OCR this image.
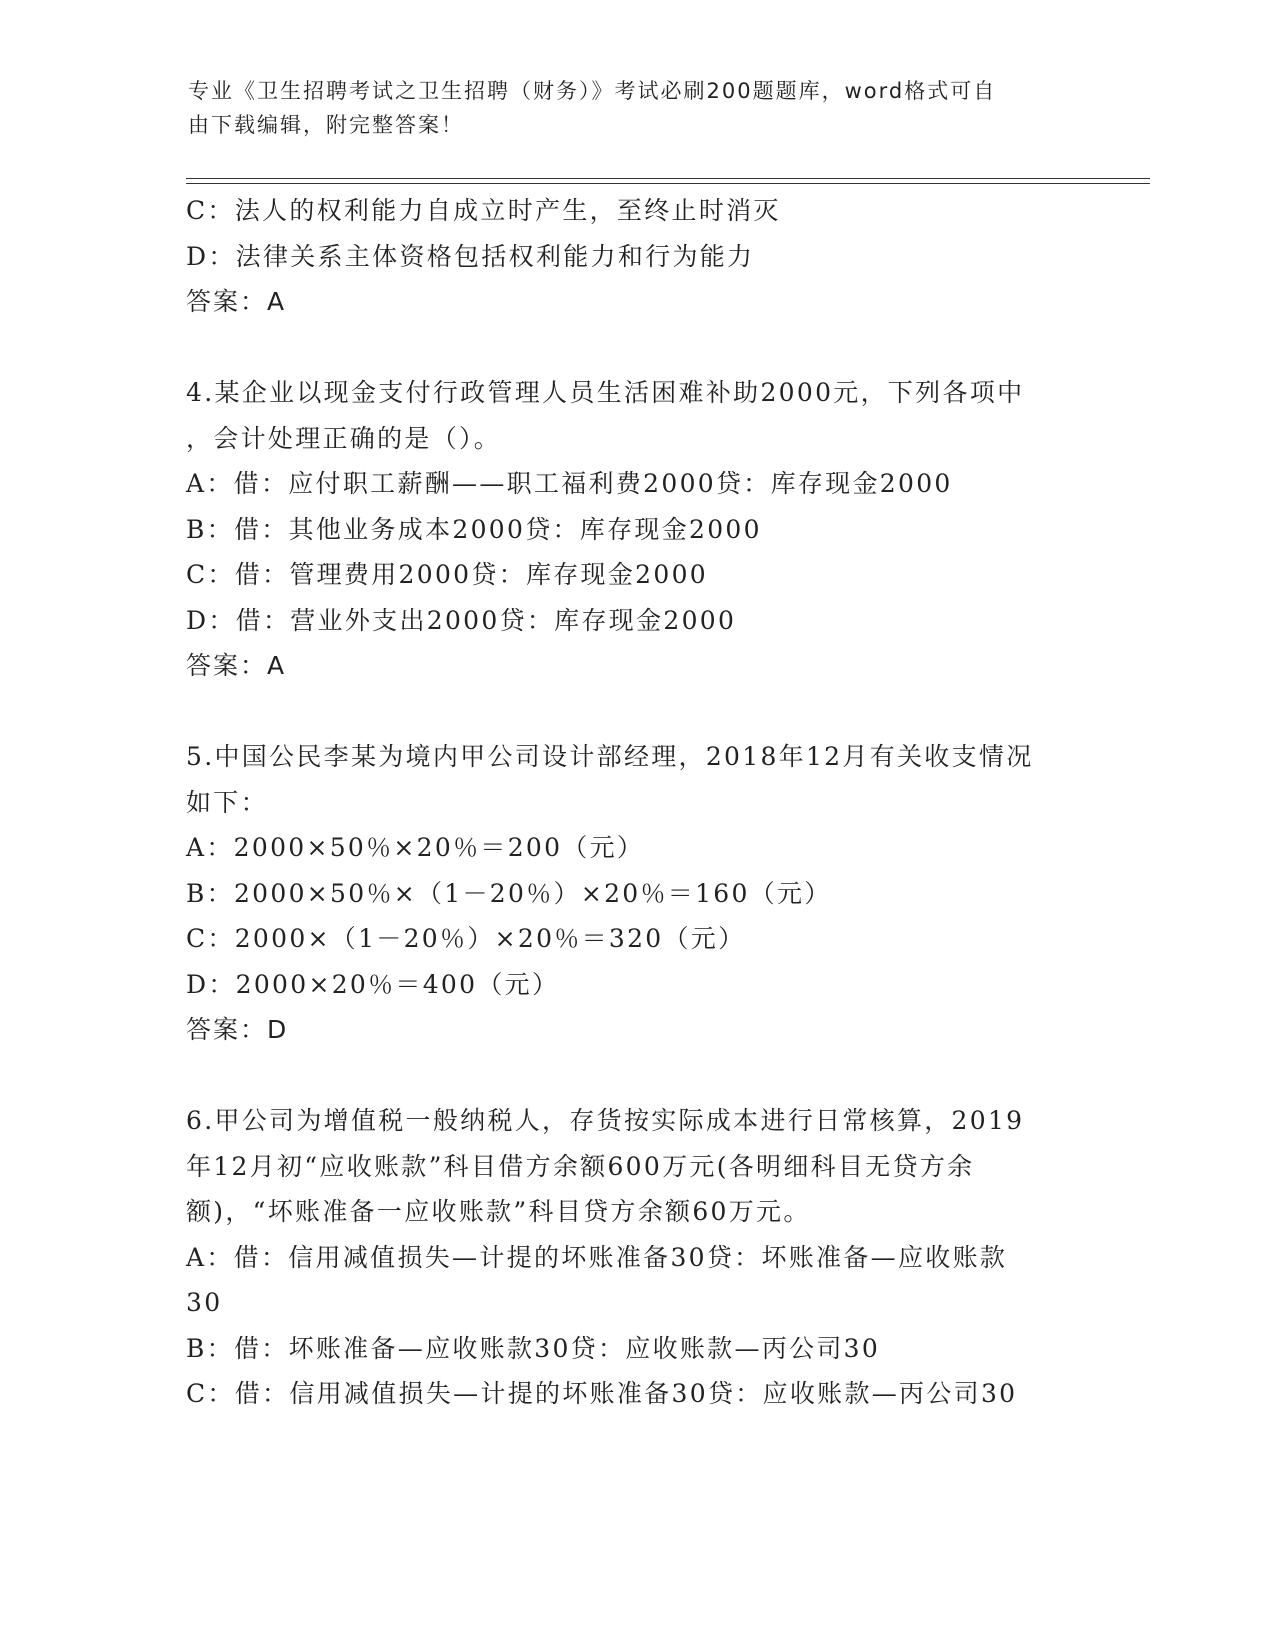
专业《卫生招聘考试之卫生招聘（财务）》考试必刷200题题库，word格式可自
由下载编辑，附完整答案！
C：法人的权利能力自成立时产生，至终止时消灭
D：法律关系主体资格包括权利能力和行为能力
答案：A
4.某企业以现金支付行政管理人员生活困难补助2000元，下列各项中
，会计处理正确的是（）。
A：借：应付职工薪酬——职工福利费2000贷：库存现金2000
B：借：其他业务成本2000贷：库存现金2000
C：借：管理费用2000贷：库存现金2000
D：借：营业外支出2000贷：库存现金2000
答案：A
5.中国公民李某为境内甲公司设计部经理，2018年12月有关收支情况
如下：
A：2000×50％×20％＝200（元）
B：2000×50％×（1－20％）×20％＝160（元）
C：2000×（1－20％）×20％＝320（元）
D：2000×20％＝400（元）
答案：D
6.甲公司为增值税一般纳税人，存货按实际成本进行日常核算，2019
年12月初“应收账款”科目借方余额600万元(各明细科目无贷方余
额)，“坏账准备一应收账款”科目贷方余额60万元。
A：借：信用减值损失—计提的坏账准备30贷：坏账准备—应收账款
30
B：借：坏账准备—应收账款30贷：应收账款—丙公司30
C：借：信用减值损失—计提的坏账准备30贷：应收账款—丙公司30
